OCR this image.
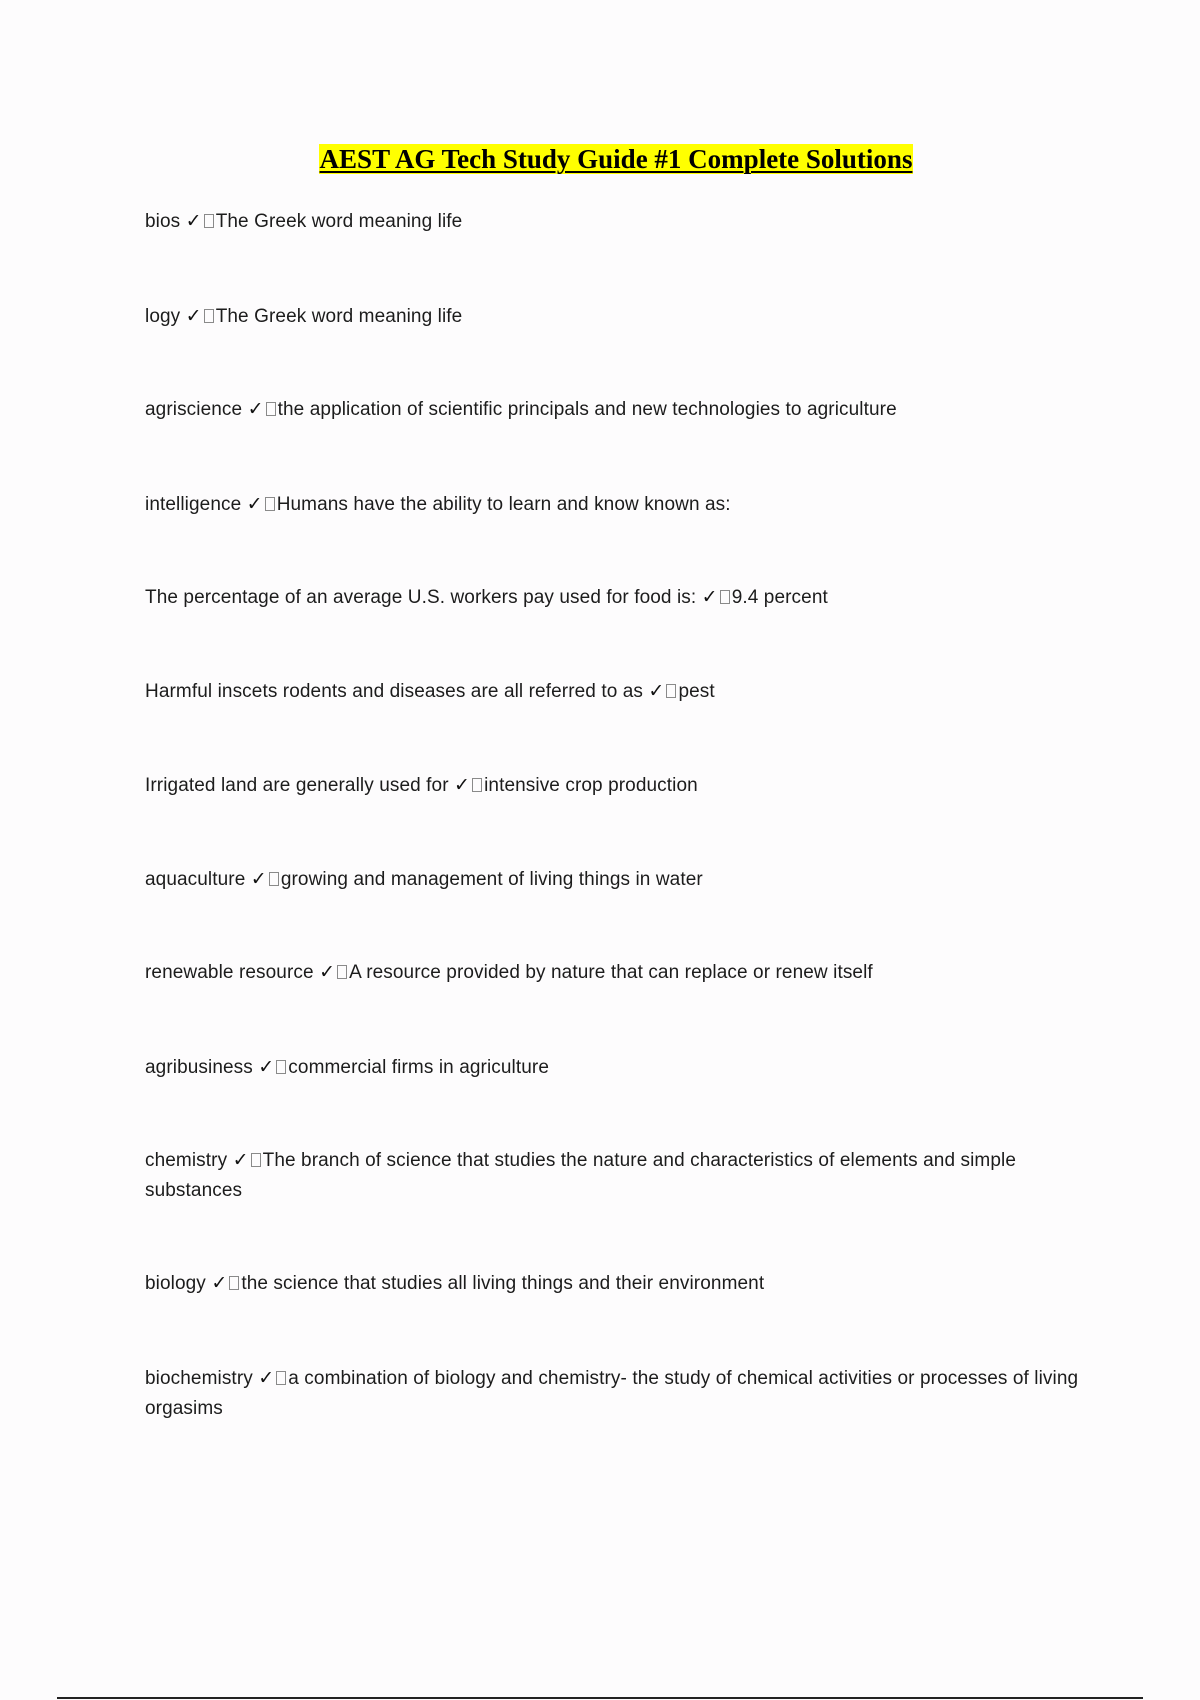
AEST AG Tech Study Guide #1 Complete Solutions
bios ✓ The Greek word meaning life
logy ✓ The Greek word meaning life
agriscience ✓ the application of scientific principals and new technologies to agriculture
intelligence ✓ Humans have the ability to learn and know known as:
The percentage of an average U.S. workers pay used for food is: ✓ 9.4 percent
Harmful inscets rodents and diseases are all referred to as ✓ pest
Irrigated land are generally used for ✓ intensive crop production
aquaculture ✓ growing and management of living things in water
renewable resource ✓ A resource provided by nature that can replace or renew itself
agribusiness ✓ commercial firms in agriculture
chemistry ✓ The branch of science that studies the nature and characteristics of elements and simple substances
biology ✓ the science that studies all living things and their environment
biochemistry ✓ a combination of biology and chemistry- the study of chemical activities or processes of living orgasims
